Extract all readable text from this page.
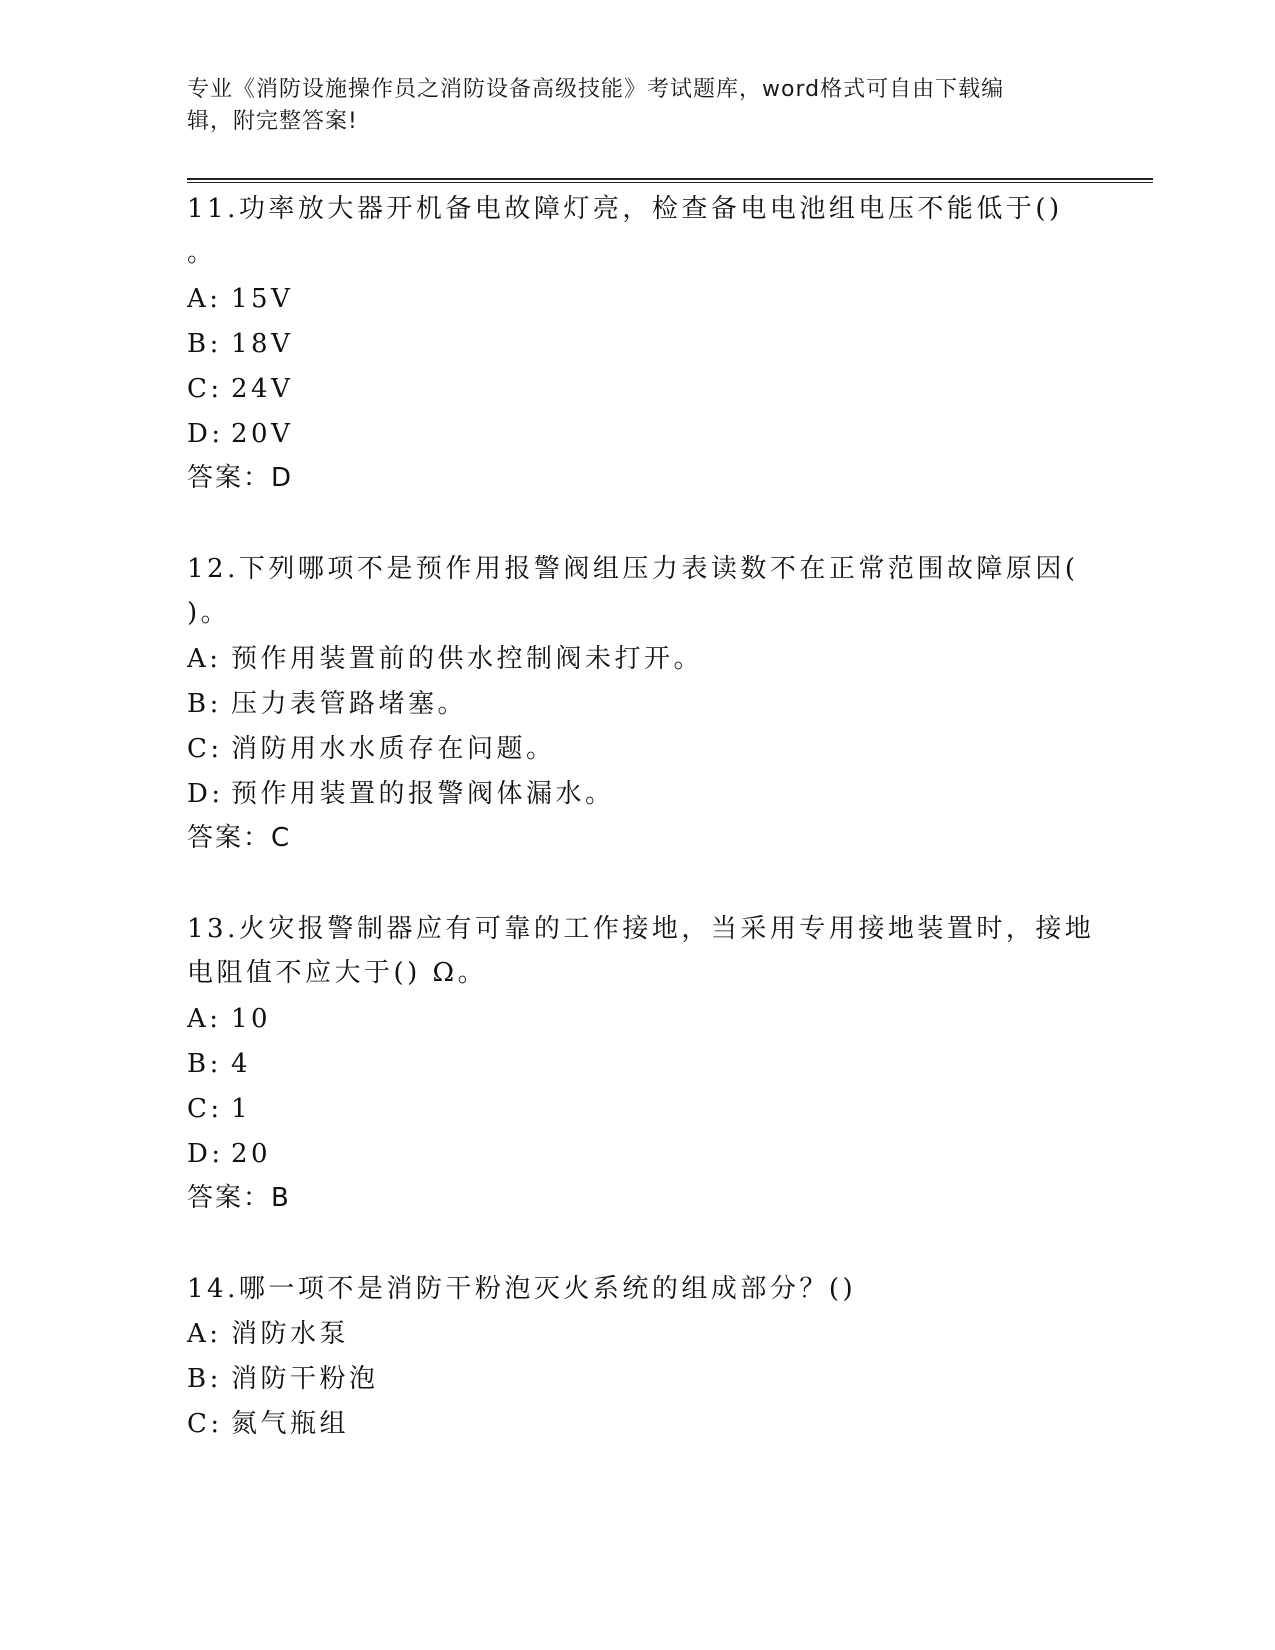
专业《消防设施操作员之消防设备高级技能》考试题库，word格式可自由下载编
辑，附完整答案!
11.功率放大器开机备电故障灯亮，检查备电电池组电压不能低于()
。
A: 15V
B: 18V
C: 24V
D: 20V
答案：D
12.下列哪项不是预作用报警阀组压力表读数不在正常范围故障原因(
)。
A: 预作用装置前的供水控制阀未打开。
B: 压力表管路堵塞。
C: 消防用水水质存在问题。
D: 预作用装置的报警阀体漏水。
答案：C
13.火灾报警制器应有可靠的工作接地，当采用专用接地装置时，接地
电阻值不应大于() Ω。
A: 10
B: 4
C: 1
D: 20
答案：B
14.哪一项不是消防干粉泡灭火系统的组成部分？()
A: 消防水泵
B: 消防干粉泡
C: 氮气瓶组
